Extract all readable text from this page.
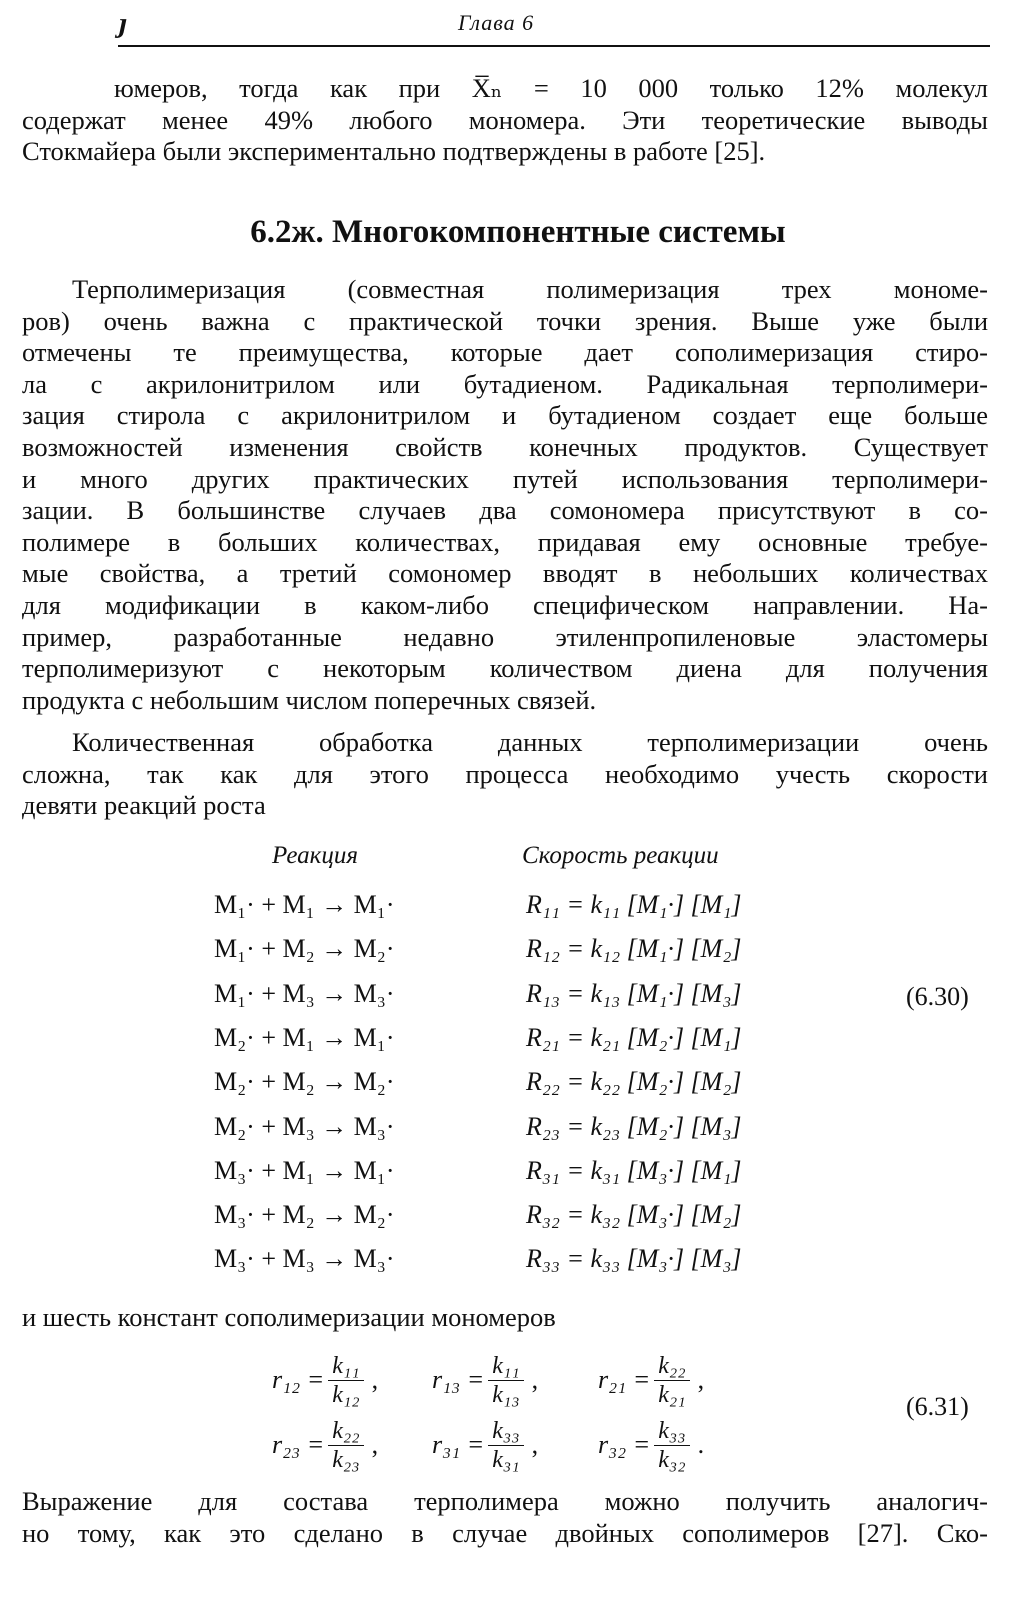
ȷ	Глава 6
юмеров, тогда как при X̅ₙ = 10 000 только 12% молекул
содержат менее 49% любого мономера. Эти теоретические выводы
Стокмайера были экспериментально подтверждены в работе [25].
6.2ж. Многокомпонентные системы
Терполимеризация (совместная полимеризация трех мономе-
ров) очень важна с практической точки зрения. Выше уже были
отмечены те преимущества, которые дает сополимеризация стиро-
ла с акрилонитрилом или бутадиеном. Радикальная терполимери-
зация стирола с акрилонитрилом и бутадиеном создает еще больше
возможностей изменения свойств конечных продуктов. Существует
и много других практических путей использования терполимери-
зации. В большинстве случаев два сомономера присутствуют в со-
полимере в больших количествах, придавая ему основные требуе-
мые свойства, а третий сомономер вводят в небольших количествах
для модификации в каком-либо специфическом направлении. На-
пример, разработанные недавно этиленпропиленовые эластомеры
терполимеризуют с некоторым количеством диена для получения
продукта с небольшим числом поперечных связей.
Количественная обработка данных терполимеризации очень
сложна, так как для этого процесса необходимо учесть скорости
девяти реакций роста
Реакция	Скорость реакции
M₁· + M₁ → M₁·	R₁₁ = k₁₁ [M₁·] [M₁]
M₁· + M₂ → M₂·	R₁₂ = k₁₂ [M₁·] [M₂]
M₁· + M₃ → M₃·	R₁₃ = k₁₃ [M₁·] [M₃]
M₂· + M₁ → M₁·	R₂₁ = k₂₁ [M₂·] [M₁]
M₂· + M₂ → M₂·	R₂₂ = k₂₂ [M₂·] [M₂]
M₂· + M₃ → M₃·	R₂₃ = k₂₃ [M₂·] [M₃]
M₃· + M₁ → M₁·	R₃₁ = k₃₁ [M₃·] [M₁]
M₃· + M₂ → M₂·	R₃₂ = k₃₂ [M₃·] [M₂]
M₃· + M₃ → M₃·	R₃₃ = k₃₃ [M₃·] [M₃]
(6.30)
и шесть констант сополимеризации мономеров
$r_{12} = \frac{\text{k₁₁}}{\text{k₁₂}}$ , $r_{13} = \frac{\text{k₁₁}}{\text{k₁₃}}$ , $r_{21} = \frac{\text{k₂₂}}{\text{k₂₁}}$ ,
$r_{23} = \frac{\text{k₂₂}}{\text{k₂₃}}$ , $r_{31} = \frac{\text{k₃₃}}{\text{k₃₁}}$ , $r_{32} = \frac{\text{k₃₃}}{\text{k₃₂}}$ .
(6.31)
Выражение для состава терполимера можно получить аналогич-
но тому, как это сделано в случае двойных сополимеров [27]. Ско-
